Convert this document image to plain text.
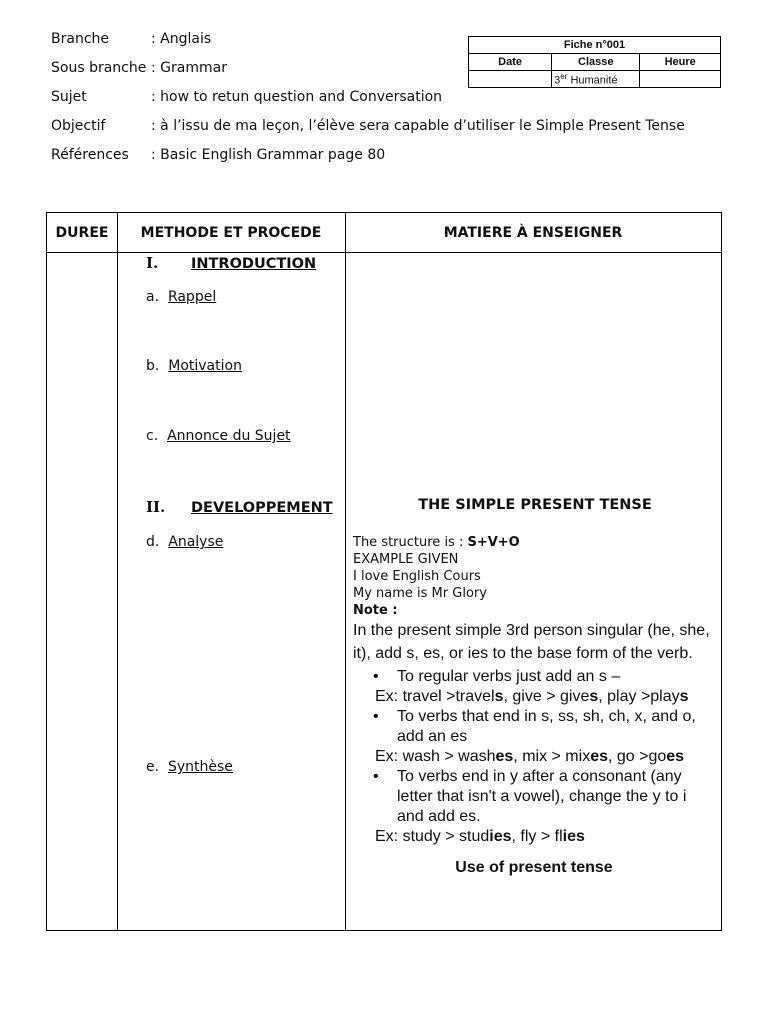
Branche	: Anglais
Sous branche : Grammar
Sujet	: how to retun question and Conversation
Objectif	: à l’issu de ma leçon, l’élève sera capable d’utiliser le Simple Present Tense
Références : Basic English Grammar page 80
Fiche n°001		
Date	Classe	Heure
	3er Humanité	
DUREE	METHODE ET PROCEDE	MATIERE À ENSEIGNER
I. INTRODUCTION
a. Rappel
b. Motivation
c. Annonce du Sujet
II. DEVELOPPEMENT
d. Analyse
e. Synthèse
THE SIMPLE PRESENT TENSE
The structure is : S+V+O
EXAMPLE GIVEN
I love English Cours
My name is Mr Glory
Note :
In the present simple 3rd person singular (he, she, it), add s, es, or ies to the base form of the verb.
• To regular verbs just add an s –
Ex: travel >travels, give > gives, play >plays
• To verbs that end in s, ss, sh, ch, x, and o, add an es
Ex: wash > washes, mix > mixes, go >goes
• To verbs end in y after a consonant (any letter that isn't a vowel), change the y to i and add es.
Ex: study > studies, fly > flies
Use of present tense
